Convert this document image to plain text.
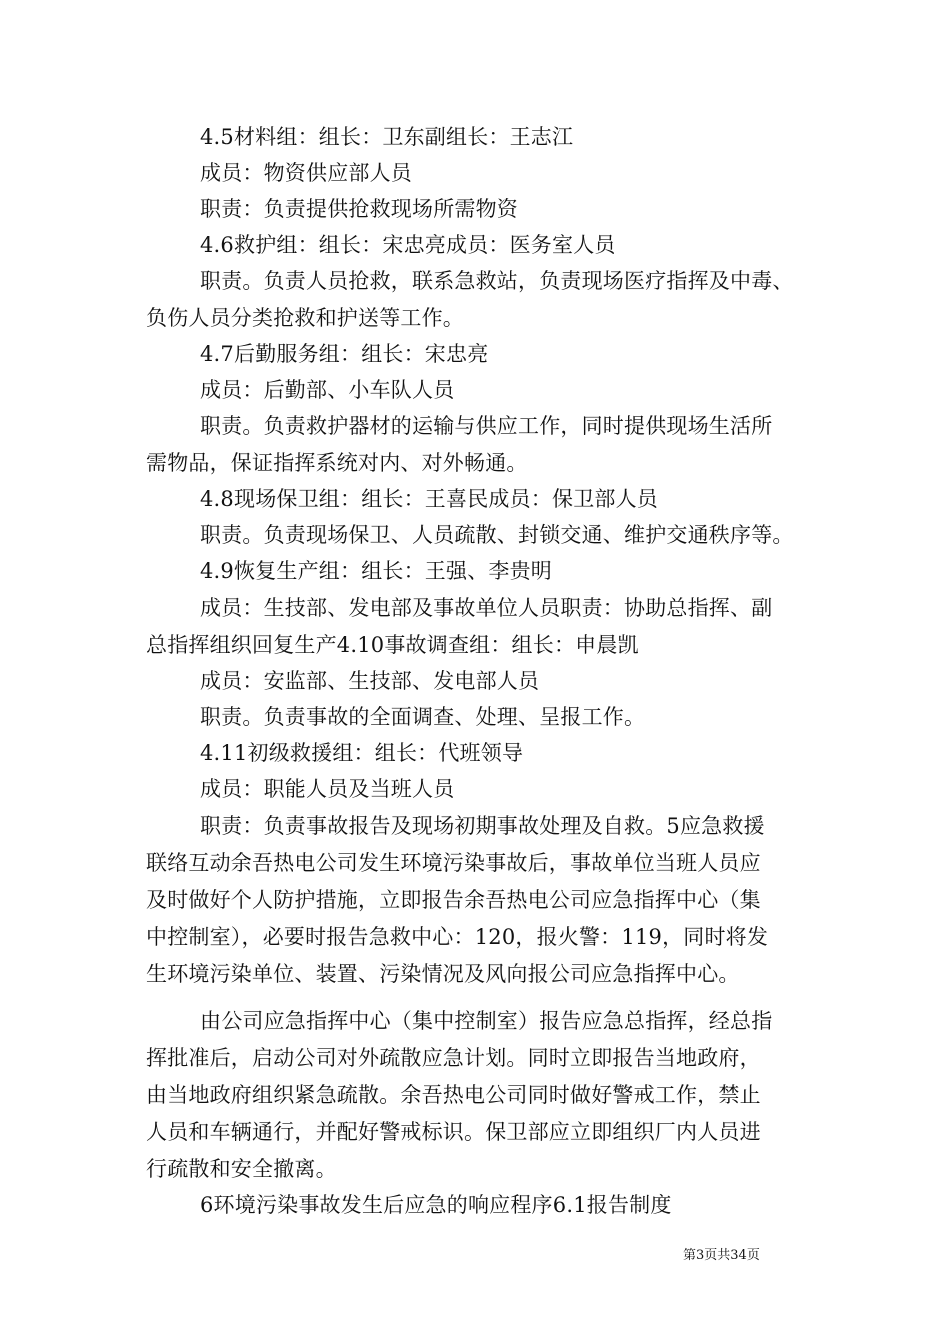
4.5材料组：组长：卫东副组长：王志江
成员：物资供应部人员
职责：负责提供抢救现场所需物资
4.6救护组：组长：宋忠亮成员：医务室人员
职责。负责人员抢救，联系急救站，负责现场医疗指挥及中毒、
负伤人员分类抢救和护送等工作。
4.7后勤服务组：组长：宋忠亮
成员：后勤部、小车队人员
职责。负责救护器材的运输与供应工作，同时提供现场生活所
需物品，保证指挥系统对内、对外畅通。
4.8现场保卫组：组长：王喜民成员：保卫部人员
职责。负责现场保卫、人员疏散、封锁交通、维护交通秩序等。
4.9恢复生产组：组长：王强、李贵明
成员：生技部、发电部及事故单位人员职责：协助总指挥、副
总指挥组织回复生产4.10事故调查组：组长：申晨凯
成员：安监部、生技部、发电部人员
职责。负责事故的全面调查、处理、呈报工作。
4.11初级救援组：组长：代班领导
成员：职能人员及当班人员
职责：负责事故报告及现场初期事故处理及自救。5应急救援
联络互动余吾热电公司发生环境污染事故后，事故单位当班人员应
及时做好个人防护措施，立即报告余吾热电公司应急指挥中心（集
中控制室），必要时报告急救中心：120，报火警：119，同时将发
生环境污染单位、装置、污染情况及风向报公司应急指挥中心。
由公司应急指挥中心（集中控制室）报告应急总指挥，经总指
挥批准后，启动公司对外疏散应急计划。同时立即报告当地政府，
由当地政府组织紧急疏散。余吾热电公司同时做好警戒工作，禁止
人员和车辆通行，并配好警戒标识。保卫部应立即组织厂内人员进
行疏散和安全撤离。
6环境污染事故发生后应急的响应程序6.1报告制度
第3页共34页
